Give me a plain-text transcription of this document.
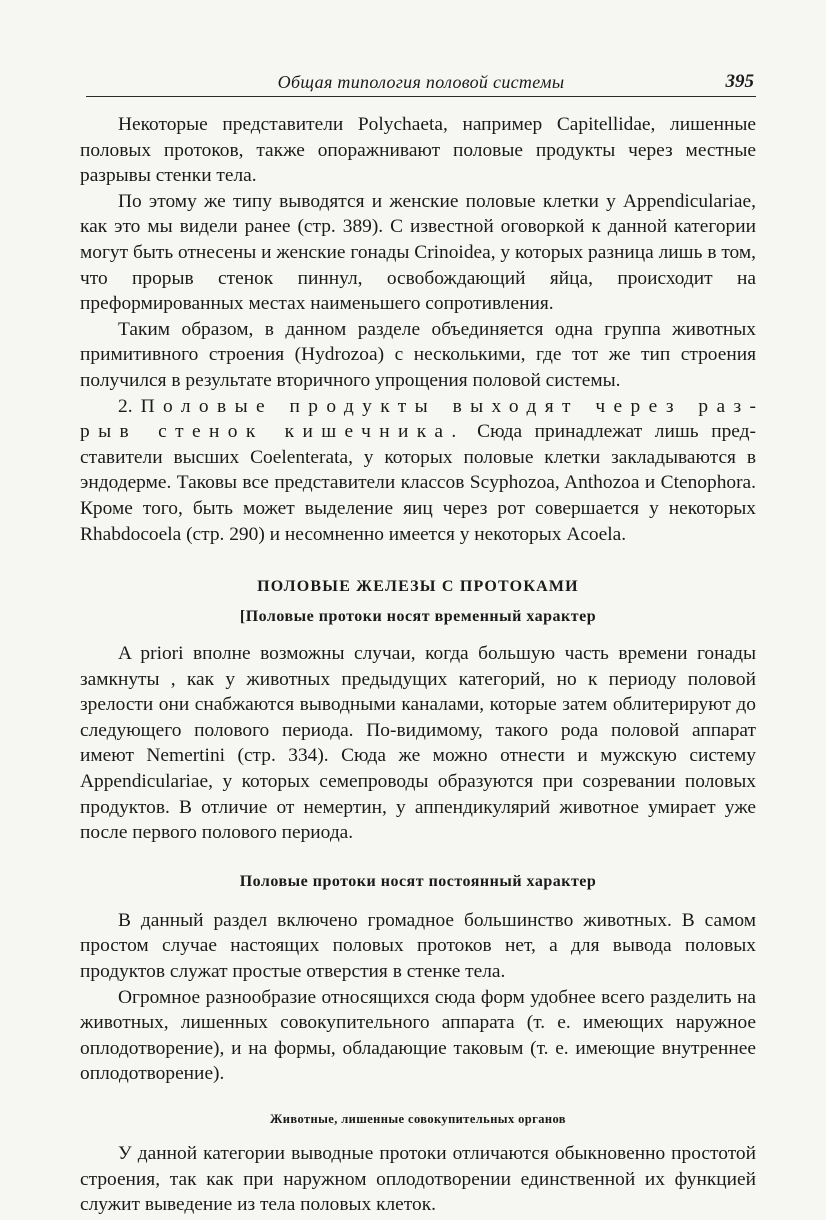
Общая типология половой системы	395

Некоторые представители Polychaeta, например Capitellidae, лишенные половых протоков, также опоражнивают половые продукты через местные разрывы стенки тела.

По этому же типу выводятся и женские половые клетки у Appendicularіae, как это мы видели ранее (стр. 389). С известной оговоркой к данной категории могут быть отнесены и женские гонады Crinoidea, у которых разница лишь в том, что прорыв стенок пиннул, освобождающий яйца, происходит на преформированных местах наименьшего сопротивления.

Таким образом, в данном разделе объединяется одна группа животных примитивного строения (Hydrozoa) с несколькими, где тот же тип строения получился в результате вторичного упрощения половой системы.

2. Половые продукты выходят через разрыв стенок кишечника. Сюда принадлежат лишь представители высших Coelenterata, у которых половые клетки закладываются в эндодерме. Таковы все представители классов Scyphozoa, Anthozoa и Ctenophora. Кроме того, быть может выделение яиц через рот совершается у некоторых Rhabdocoela (стр. 290) и несомненно имеется у некоторых Acoela.

ПОЛОВЫЕ ЖЕЛЕЗЫ С ПРОТОКАМИ

[Половые протоки носят временный характер

A priori вполне возможны случаи, когда большую часть времени гонады замкнуты , как у животных предыдущих категорий, но к периоду половой зрелости они снабжаются выводными каналами, которые затем облитерируют до следующего полового периода. По-видимому, такого рода половой аппарат имеют Nemertini (стр. 334). Сюда же можно отнести и мужскую систему Appendiculariae, у которых семепроводы образуются при созревании половых продуктов. В отличие от немертин, у аппендикулярий животное умирает уже после первого полового периода.

Половые протоки носят постоянный характер

В данный раздел включено громадное большинство животных. В самом простом случае настоящих половых протоков нет, а для вывода половых продуктов служат простые отверстия в стенке тела.

Огромное разнообразие относящихся сюда форм удобнее всего разделить на животных, лишенных совокупительного аппарата (т. е. имеющих наружное оплодотворение), и на формы, обладающие таковым (т. е. имеющие внутреннее оплодотворение).

Животные, лишенные совокупительных органов

У данной категории выводные протоки отличаются обыкновенно простотой строения, так как при наружном оплодотворении единственной их функцией служит выведение из тела половых клеток.
